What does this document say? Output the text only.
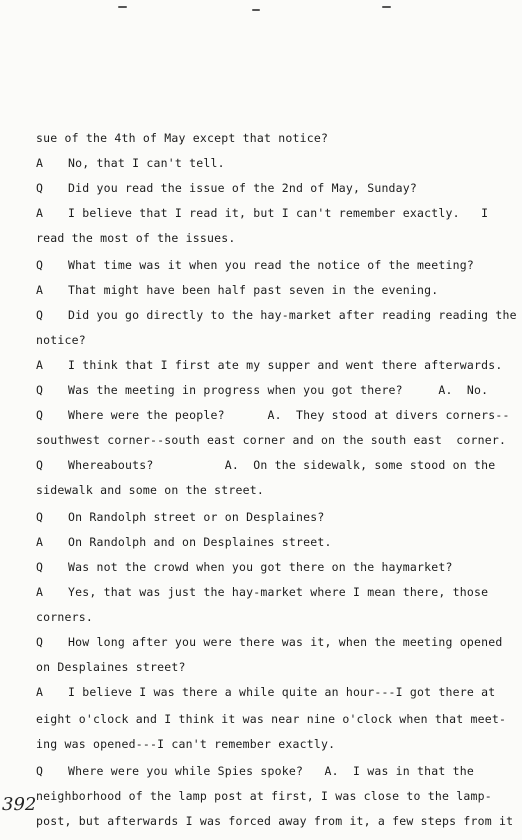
sue of the 4th of May except that notice?
A No, that I can't tell.
Q Did you read the issue of the 2nd of May, Sunday?
A I believe that I read it, but I can't remember exactly.   I
read the most of the issues.
Q What time was it when you read the notice of the meeting?
A That might have been half past seven in the evening.
Q Did you go directly to the hay-market after reading reading the
notice?
A I think that I first ate my supper and went there afterwards.
Q Was the meeting in progress when you got there?     A.  No.
Q Where were the people?      A.  They stood at divers corners--
southwest corner--south east corner and on the south east  corner.
Q Whereabouts?          A.  On the sidewalk, some stood on the
sidewalk and some on the street.
Q On Randolph street or on Desplaines?
A On Randolph and on Desplaines street.
Q Was not the crowd when you got there on the haymarket?
A Yes, that was just the hay-market where I mean there, those
corners.
Q How long after you were there was it, when the meeting opened
on Desplaines street?
A I believe I was there a while quite an hour---I got there at
eight o'clock and I think it was near nine o'clock when that meet-
ing was opened---I can't remember exactly.
Q Where were you while Spies spoke?   A.  I was in that the
neighborhood of the lamp post at first, I was close to the lamp-
post, but afterwards I was forced away from it, a few steps from it
392
